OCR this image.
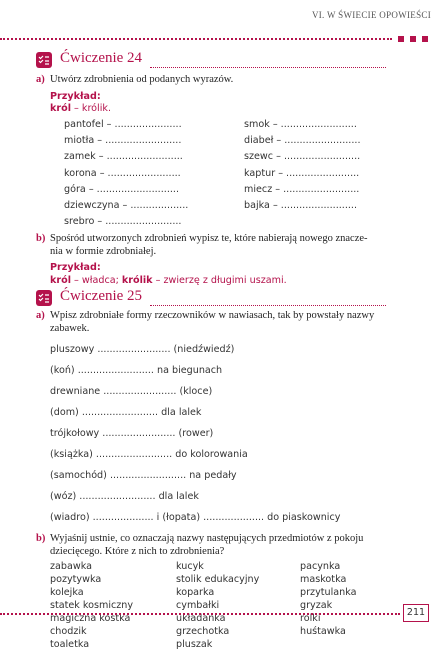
VI. W ŚWIECIE OPOWIEŚCI
Ćwiczenie 24
a) Utwórz zdrobnienia od podanych wyrazów.
Przykład:
król – królik.
pantofel – ......................
miotła – .........................
zamek – .........................
korona – ........................
góra – ...........................
dziewczyna – ...................
srebro – .........................
smok – .........................
diabeł – .........................
szewc – .........................
kaptur – ........................
miecz – .........................
bajka – .........................
b) Spośród utworzonych zdrobnień wypisz te, które nabierają nowego znacze-
nia w formie zdrobniałej.
Przykład:
król – władca; królik – zwierzę z długimi uszami.
Ćwiczenie 25
a) Wpisz zdrobniałe formy rzeczowników w nawiasach, tak by powstały nazwy
zabawek.
pluszowy ........................ (niedźwiedź)
(koń) ......................... na biegunach
drewniane ........................ (kloce)
(dom) ......................... dla lalek
trójkołowy ........................ (rower)
(książka) ......................... do kolorowania
(samochód) ......................... na pedały
(wóz) ......................... dla lalek
(wiadro) .................... i (łopata) .................... do piaskownicy
b) Wyjaśnij ustnie, co oznaczają nazwy następujących przedmiotów z pokoju
dziecięcego. Które z nich to zdrobnienia?
zabawka
pozytywka
kolejka
statek kosmiczny
magiczna kostka
chodzik
toaletka
kucyk
stolik edukacyjny
koparka
cymbałki
układanka
grzechotka
pluszak
pacynka
maskotka
przytulanka
gryzak
rolki
huśtawka
211
